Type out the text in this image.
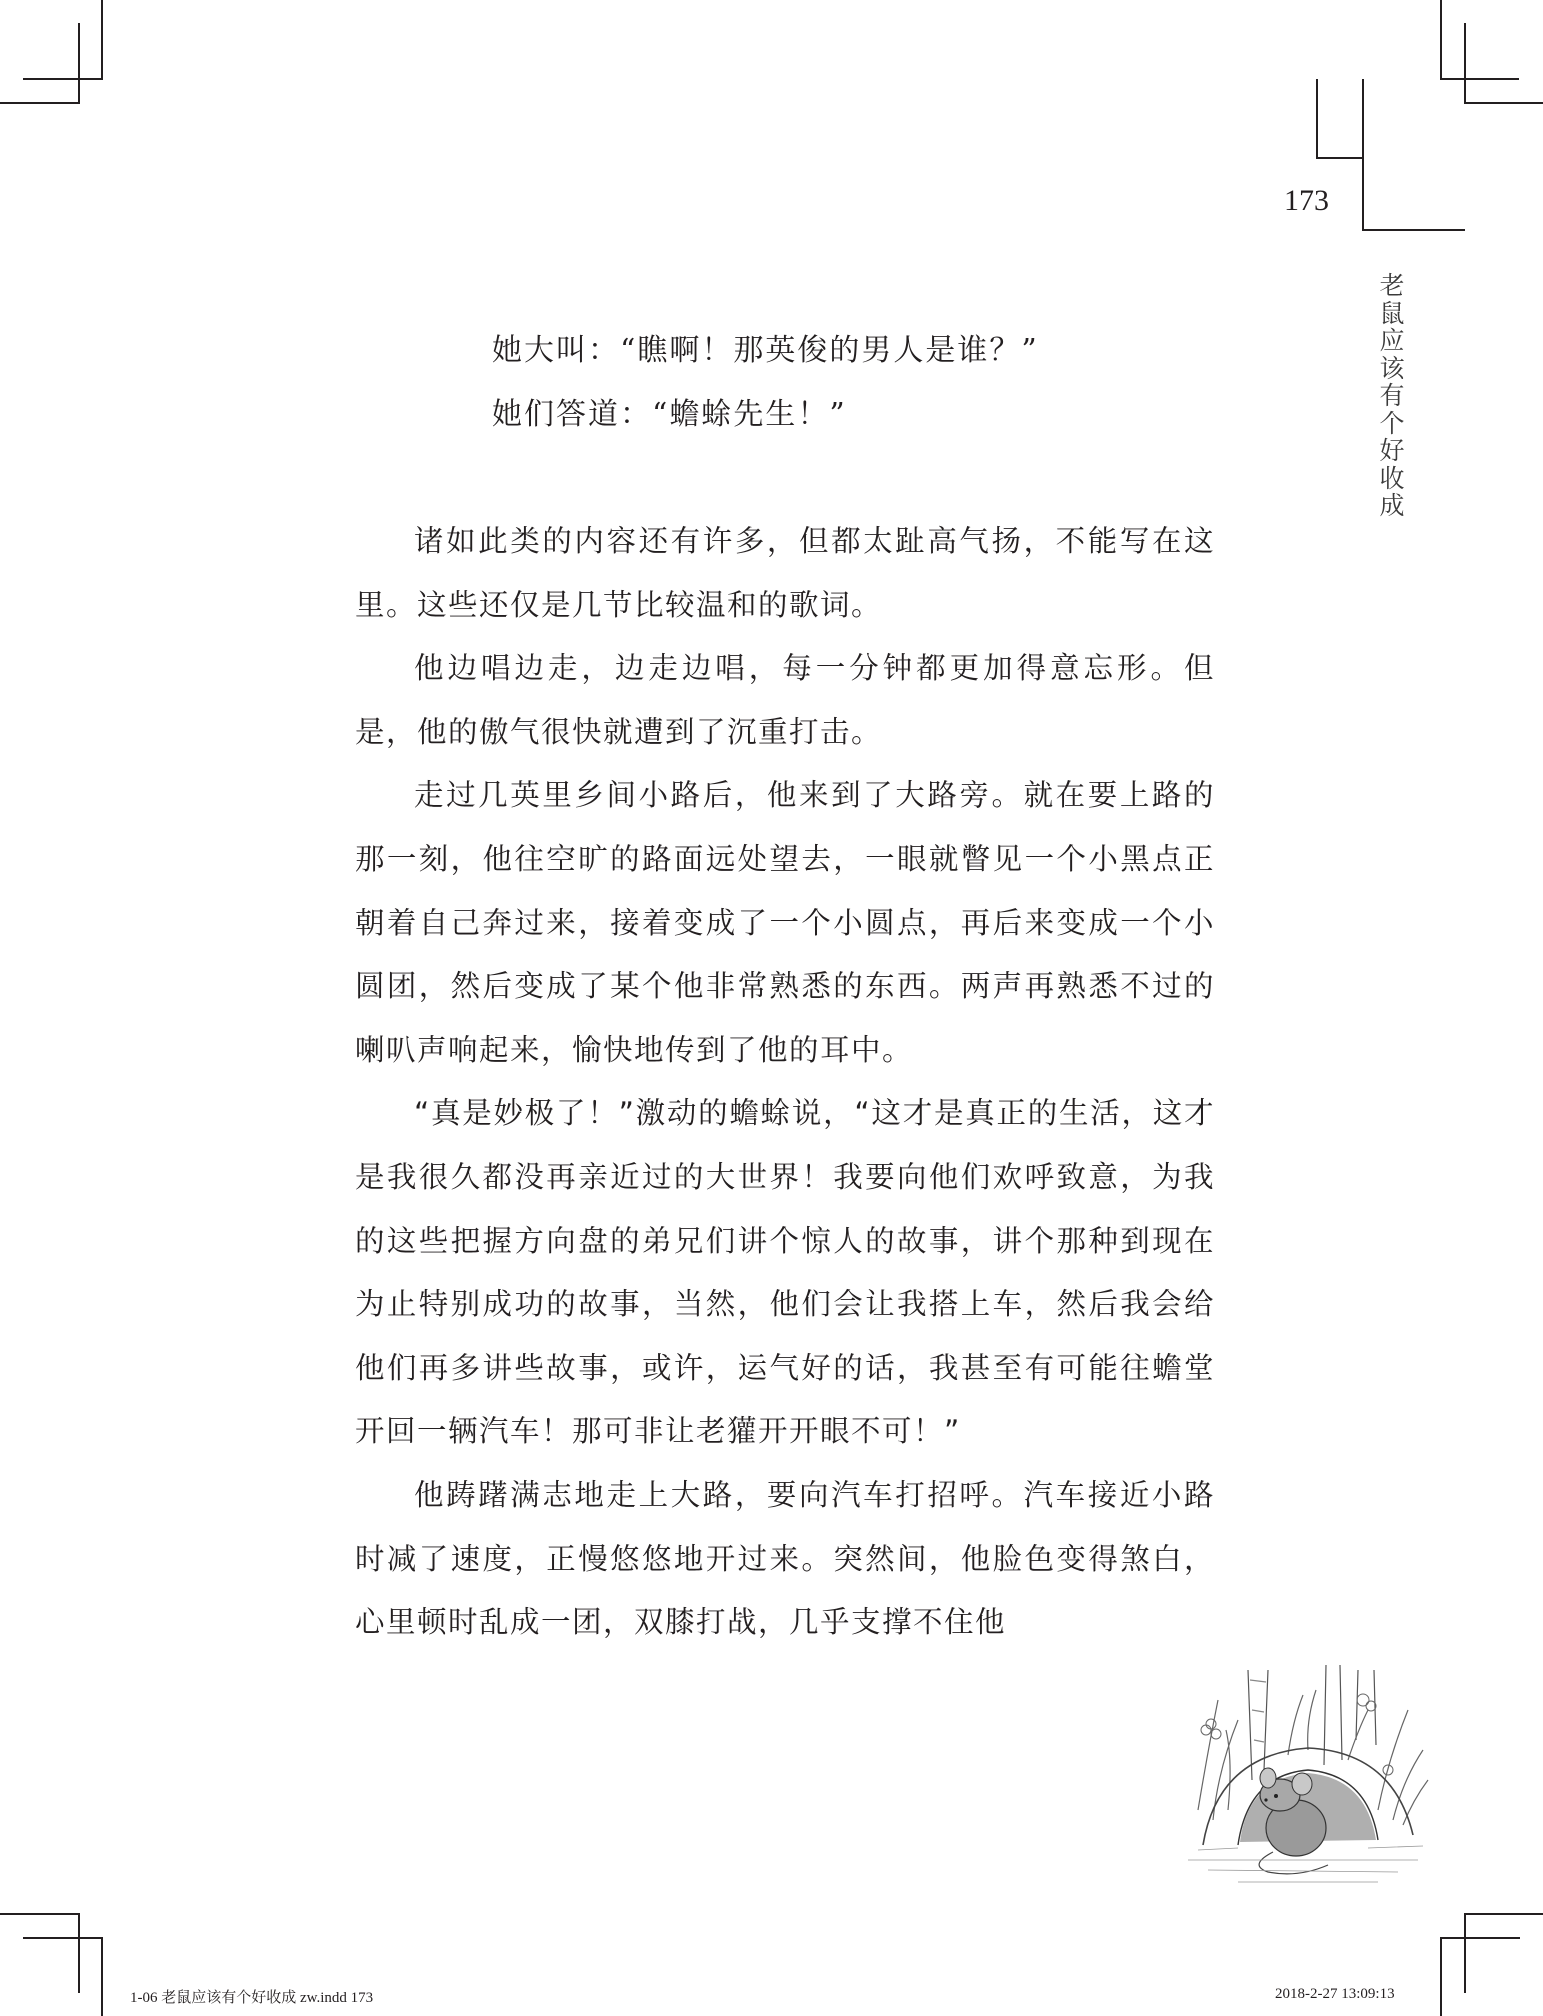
173
老鼠应该有个好收成
她大叫：“瞧啊！那英俊的男人是谁？”
她们答道：“蟾蜍先生！”

诸如此类的内容还有许多，但都太趾高气扬，不能写在这里。这些还仅是几节比较温和的歌词。

他边唱边走，边走边唱，每一分钟都更加得意忘形。但是，他的傲气很快就遭到了沉重打击。

走过几英里乡间小路后，他来到了大路旁。就在要上路的那一刻，他往空旷的路面远处望去，一眼就瞥见一个小黑点正朝着自己奔过来，接着变成了一个小圆点，再后来变成一个小圆团，然后变成了某个他非常熟悉的东西。两声再熟悉不过的喇叭声响起来，愉快地传到了他的耳中。

“真是妙极了！”激动的蟾蜍说，“这才是真正的生活，这才是我很久都没再亲近过的大世界！我要向他们欢呼致意，为我的这些把握方向盘的弟兄们讲个惊人的故事，讲个那种到现在为止特别成功的故事，当然，他们会让我搭上车，然后我会给他们再多讲些故事，或许，运气好的话，我甚至有可能往蟾堂开回一辆汽车！那可非让老獾开开眼不可！”

他踌躇满志地走上大路，要向汽车打招呼。汽车接近小路时减了速度，正慢悠悠地开过来。突然间，他脸色变得煞白，心里顿时乱成一团，双膝打战，几乎支撑不住他

1-06 老鼠应该有个好收成 zw.indd 173	2018-2-27 13:09:13
